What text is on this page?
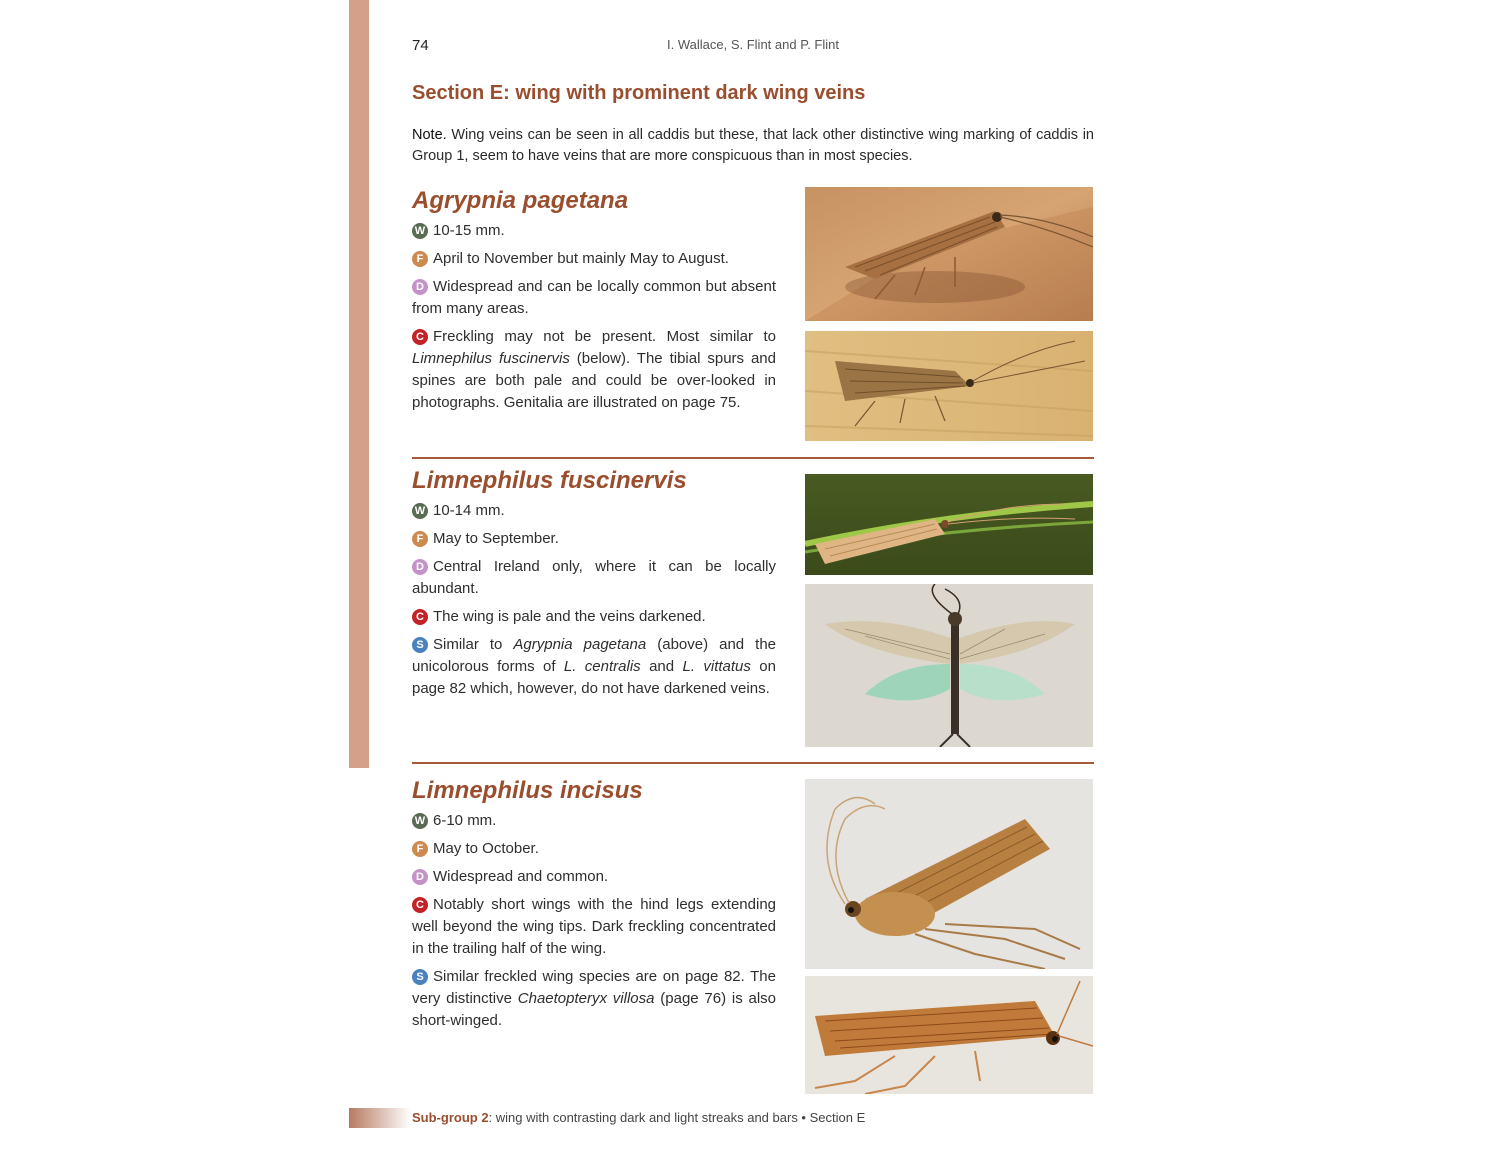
74	I. Wallace, S. Flint and P. Flint
Section E: wing with prominent dark wing veins

Note. Wing veins can be seen in all caddis but these, that lack other distinctive wing marking of caddis in Group 1, seem to have veins that are more conspicuous than in most species.

Agrypnia pagetana

W 10-15 mm.

F April to November but mainly May to August.

D Widespread and can be locally common but absent from many areas.

C Freckling may not be present. Most similar to Limnephilus fuscinervis (below). The tibial spurs and spines are both pale and could be over-looked in photographs. Genitalia are illustrated on page 75.

Limnephilus fuscinervis

W 10-14 mm.

F May to September.

D Central Ireland only, where it can be locally abundant.

C The wing is pale and the veins darkened.

S Similar to Agrypnia pagetana (above) and the unicolorous forms of L. centralis and L. vittatus on page 82 which, however, do not have darkened veins.

Limnephilus incisus

W 6-10 mm.

F May to October.

D Widespread and common.

C Notably short wings with the hind legs extending well beyond the wing tips. Dark freckling concentrated in the trailing half of the wing.

S Similar freckled wing species are on page 82. The very distinctive Chaetopteryx villosa (page 76) is also short-winged.

Sub-group 2: wing with contrasting dark and light streaks and bars • Section E
